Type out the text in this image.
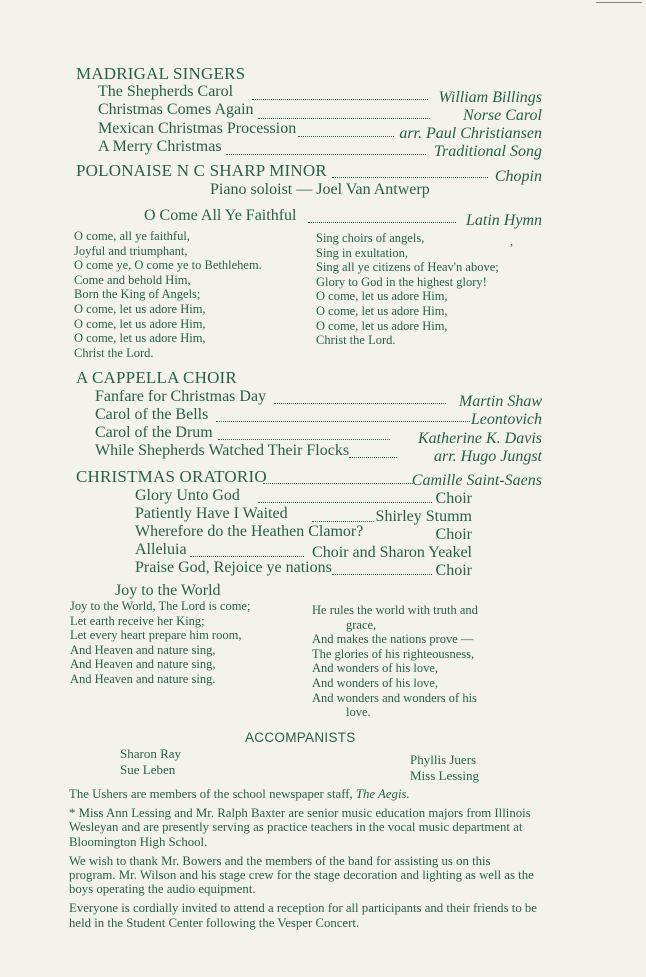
MADRIGAL SINGERS
The Shepherds Carol	William Billings
Christmas Comes Again	Norse Carol
Mexican Christmas Procession	arr. Paul Christiansen
A Merry Christmas	Traditional Song
POLONAISE N C SHARP MINOR	Chopin
Piano soloist — Joel Van Antwerp
O Come All Ye Faithful	Latin Hymn
O come, all ye faithful,
Joyful and triumphant,
O come ye, O come ye to Bethlehem.
Come and behold Him,
Born the King of Angels;
O come, let us adore Him,
O come, let us adore Him,
O come, let us adore Him,
Christ the Lord.
Sing choirs of angels,
Sing in exultation,
Sing all ye citizens of Heav'n above;
Glory to God in the highest glory!
O come, let us adore Him,
O come, let us adore Him,
O come, let us adore Him,
Christ the Lord.
,
A CAPPELLA CHOIR
Fanfare for Christmas Day	Martin Shaw
Carol of the Bells	Leontovich
Carol of the Drum	Katherine K. Davis
While Shepherds Watched Their Flocks	arr. Hugo Jungst
CHRISTMAS ORATORIO	Camille Saint-Saens
Glory Unto God	Choir
Patiently Have I Waited	Shirley Stumm
Wherefore do the Heathen Clamor?	Choir
Alleluia	Choir and Sharon Yeakel
Praise God, Rejoice ye nations	Choir
Joy to the World
Joy to the World, The Lord is come;
Let earth receive her King;
Let every heart prepare him room,
And Heaven and nature sing,
And Heaven and nature sing,
And Heaven and nature sing.
He rules the world with truth and
grace,
And makes the nations prove —
The glories of his righteousness,
And wonders of his love,
And wonders of his love,
And wonders and wonders of his
love.
ACCOMPANISTS
Sharon Ray
Sue Leben
Phyllis Juers
Miss Lessing

The Ushers are members of the school newspaper staff, The Aegis.

* Miss Ann Lessing and Mr. Ralph Baxter are senior music education majors from Illinois Wesleyan and are presently serving as practice teachers in the vocal music department at Bloomington High School.

We wish to thank Mr. Bowers and the members of the band for assisting us on this program. Mr. Wilson and his stage crew for the stage decoration and lighting as well as the boys operating the audio equipment.

Everyone is cordially invited to attend a reception for all participants and their friends to be held in the Student Center following the Vesper Concert.
